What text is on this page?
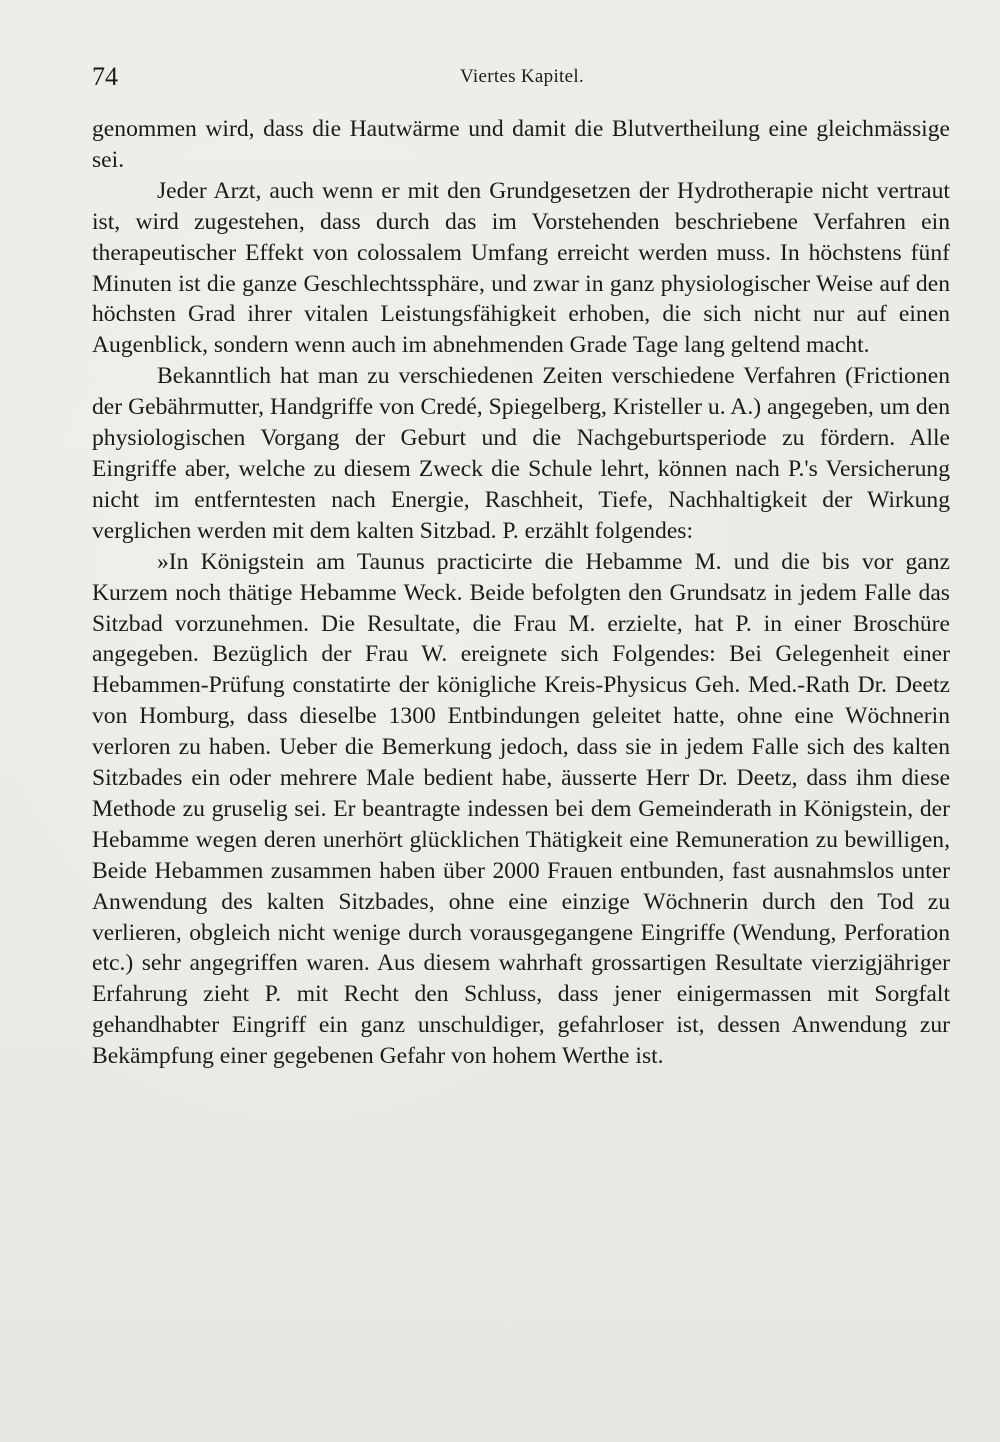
74	Viertes Kapitel.

genommen wird, dass die Hautwärme und damit die Blutvertheilung eine gleichmässige sei.

Jeder Arzt, auch wenn er mit den Grundgesetzen der Hydrotherapie nicht vertraut ist, wird zugestehen, dass durch das im Vorstehenden beschriebene Verfahren ein therapeutischer Effekt von colossalem Umfang erreicht werden muss. In höchstens fünf Minuten ist die ganze Geschlechtssphäre, und zwar in ganz physiologischer Weise auf den höchsten Grad ihrer vitalen Leistungsfähigkeit erhoben, die sich nicht nur auf einen Augenblick, sondern wenn auch im abnehmenden Grade Tage lang geltend macht.

Bekanntlich hat man zu verschiedenen Zeiten verschiedene Verfahren (Frictionen der Gebährmutter, Handgriffe von Credé, Spiegelberg, Kristeller u. A.) angegeben, um den physiologischen Vorgang der Geburt und die Nachgeburtsperiode zu fördern. Alle Eingriffe aber, welche zu diesem Zweck die Schule lehrt, können nach P.'s Versicherung nicht im entferntesten nach Energie, Raschheit, Tiefe, Nachhaltigkeit der Wirkung verglichen werden mit dem kalten Sitzbad. P. erzählt folgendes:

»In Königstein am Taunus practicirte die Hebamme M. und die bis vor ganz Kurzem noch thätige Hebamme Weck. Beide befolgten den Grundsatz in jedem Falle das Sitzbad vorzunehmen. Die Resultate, die Frau M. erzielte, hat P. in einer Broschüre angegeben. Bezüglich der Frau W. ereignete sich Folgendes: Bei Gelegenheit einer Hebammen-Prüfung constatirte der königliche Kreis-Physicus Geh. Med.-Rath Dr. Deetz von Homburg, dass dieselbe 1300 Entbindungen geleitet hatte, ohne eine Wöchnerin verloren zu haben. Ueber die Bemerkung jedoch, dass sie in jedem Falle sich des kalten Sitzbades ein oder mehrere Male bedient habe, äusserte Herr Dr. Deetz, dass ihm diese Methode zu gruselig sei. Er beantragte indessen bei dem Gemeinderath in Königstein, der Hebamme wegen deren unerhört glücklichen Thätigkeit eine Remuneration zu bewilligen, Beide Hebammen zusammen haben über 2000 Frauen entbunden, fast ausnahmslos unter Anwendung des kalten Sitzbades, ohne eine einzige Wöchnerin durch den Tod zu verlieren, obgleich nicht wenige durch vorausgegangene Eingriffe (Wendung, Perforation etc.) sehr angegriffen waren. Aus diesem wahrhaft grossartigen Resultate vierzigjähriger Erfahrung zieht P. mit Recht den Schluss, dass jener einigermassen mit Sorgfalt gehandhabter Eingriff ein ganz unschuldiger, gefahrloser ist, dessen Anwendung zur Bekämpfung einer gegebenen Gefahr von hohem Werthe ist.
